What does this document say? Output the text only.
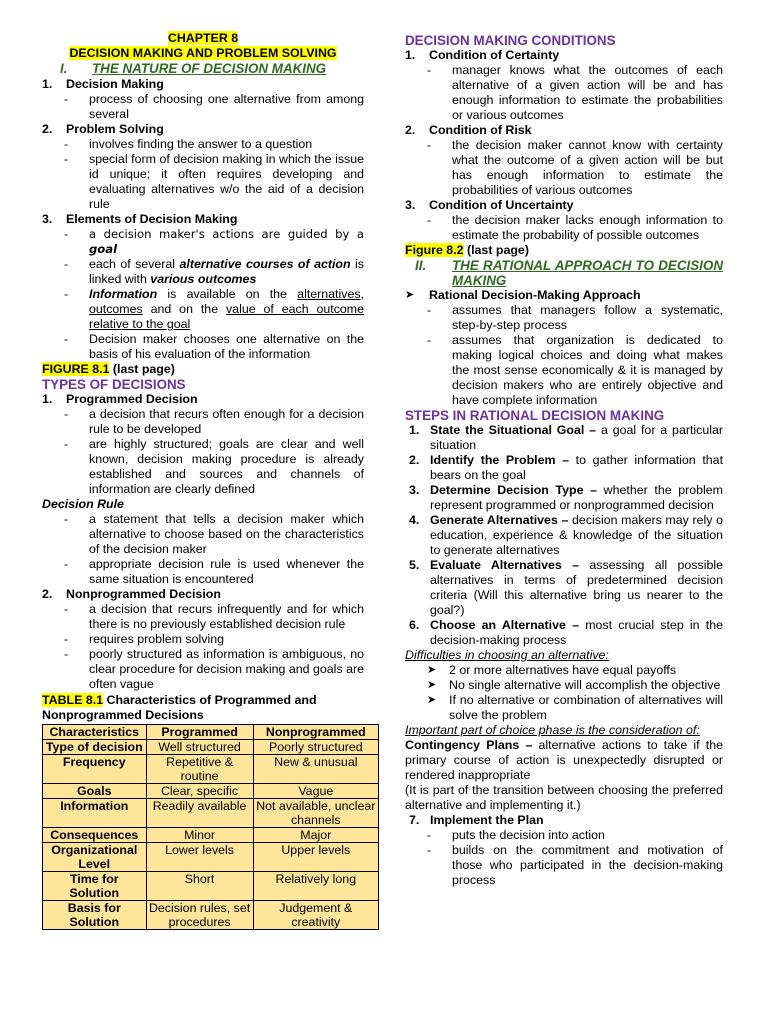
CHAPTER 8
DECISION MAKING AND PROBLEM SOLVING
I. THE NATURE OF DECISION MAKING
1.	Decision Making
-	process of choosing one alternative from among several
2.	Problem Solving
-	involves finding the answer to a question
-	special form of decision making in which the issue id unique; it often requires developing and evaluating alternatives w/o the aid of a decision rule
3.	Elements of Decision Making
-	a decision maker's actions are guided by a goal
-	each of several alternative courses of action is linked with various outcomes
-	Information is available on the alternatives, outcomes and on the value of each outcome relative to the goal
-	Decision maker chooses one alternative on the basis of his evaluation of the information
FIGURE 8.1 (last page)
TYPES OF DECISIONS
1.	Programmed Decision
-	a decision that recurs often enough for a decision rule to be developed
-	are highly structured; goals are clear and well known, decision making procedure is already established and sources and channels of information are clearly defined
Decision Rule
-	a statement that tells a decision maker which alternative to choose based on the characteristics of the decision maker
-	appropriate decision rule is used whenever the same situation is encountered
2.	Nonprogrammed Decision
-	a decision that recurs infrequently and for which there is no previously established decision rule
-	requires problem solving
-	poorly structured as information is ambiguous, no clear procedure for decision making and goals are often vague
TABLE 8.1 Characteristics of Programmed and Nonprogrammed Decisions
Characteristics	Programmed	Nonprogrammed
Type of decision	Well structured	Poorly structured
Frequency	Repetitive & routine	New & unusual
Goals	Clear, specific	Vague
Information	Readily available	Not available, unclear channels
Consequences	Minor	Major
Organizational Level	Lower levels	Upper levels
Time for Solution	Short	Relatively long
Basis for Solution	Decision rules, set procedures	Judgement & creativity
DECISION MAKING CONDITIONS
1.	Condition of Certainty
-	manager knows what the outcomes of each alternative of a given action will be and has enough information to estimate the probabilities or various outcomes
2.	Condition of Risk
-	the decision maker cannot know with certainty what the outcome of a given action will be but has enough information to estimate the probabilities of various outcomes
3.	Condition of Uncertainty
-	the decision maker lacks enough information to estimate the probability of possible outcomes
Figure 8.2 (last page)
II.	THE RATIONAL APPROACH TO DECISION MAKING
➤	Rational Decision-Making Approach
-	assumes that managers follow a systematic, step-by-step process
-	assumes that organization is dedicated to making logical choices and doing what makes the most sense economically & it is managed by decision makers who are entirely objective and have complete information
STEPS IN RATIONAL DECISION MAKING
1. State the Situational Goal – a goal for a particular situation
2. Identify the Problem – to gather information that bears on the goal
3. Determine Decision Type – whether the problem represent programmed or nonprogrammed decision
4. Generate Alternatives – decision makers may rely o education, experience & knowledge of the situation to generate alternatives
5. Evaluate Alternatives – assessing all possible alternatives in terms of predetermined decision criteria (Will this alternative bring us nearer to the goal?)
6. Choose an Alternative – most crucial step in the decision-making process
Difficulties in choosing an alternative:
➤	2 or more alternatives have equal payoffs
➤	No single alternative will accomplish the objective
➤	If no alternative or combination of alternatives will solve the problem
Important part of choice phase is the consideration of:
Contingency Plans – alternative actions to take if the primary course of action is unexpectedly disrupted or rendered inappropriate
(It is part of the transition between choosing the preferred alternative and implementing it.)
7. Implement the Plan
-	puts the decision into action
-	builds on the commitment and motivation of those who participated in the decision-making process
